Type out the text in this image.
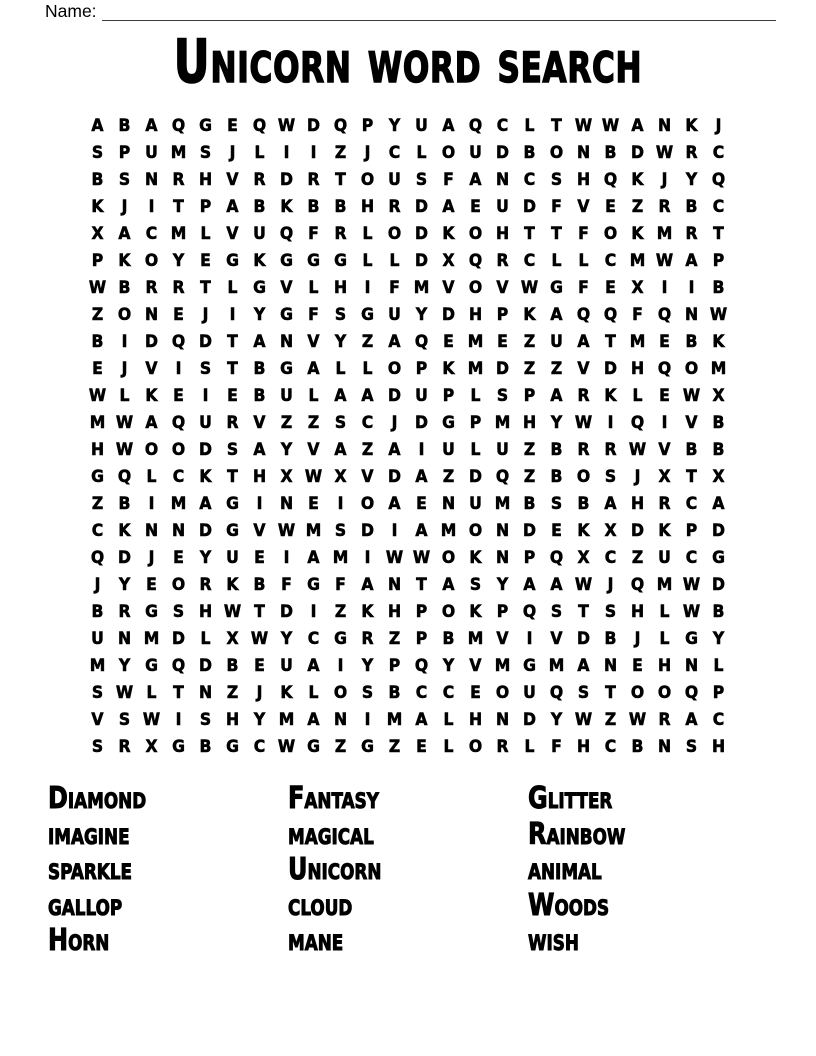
Name:
Unicorn word search
A B A Q G E Q W D Q P Y U A Q C L T W W A N K	J
S P U M S	J	L	I	I	Z	J	C L O U D B O N B D W R C
B S N R H V R D R T O U S F A N C S H Q K	J	Y Q
K	J	I	T P A B K B B H R D A E U D F V E Z R B C
X A C M L V U Q F R L O D K O H T T F O K M R T
P K O Y E G K G G G L	L D X Q R C L	L C M W A P
W B R R T L G V L H	I	F M V O V W G F E X	I	I	B
Z O N E	J	I	Y G F S G U Y D H P K A Q Q F Q N W
B	I	D Q D T A N V Y Z A Q E M E Z U A T M E B K
E	J	V	I	S T B G A L	L O P K M D Z Z V D H Q O M
W L K E	I	E B U L A A D U P L S P A R K L E W X
M W A Q U R V Z Z S C	J	D G P M H Y W I	Q	I	V B
H W O O D S A Y V A Z A	I	U L U Z B R R W V B B
G Q L C K T H X W X V D A Z D Q Z B O S	J	X T X
Z B	I M A G	I	N E	I	O A E N U M B S B A H R C A
C K N N D G V W M S D	I	A M O N D E K X D K P D
Q D	J	E Y U E	I	A M I W W O K N P Q X C Z U C G
J	Y E O R K B F G F A N T A S Y A A W J	Q M W D
B R G S H W T D	I	Z K H P O K P Q S T S H L W B
U N M D L X W Y C G R Z P B M V	I	V D B	J	L G Y
M Y G Q D B E U A	I	Y P Q Y V M G M A N E H N L
S W L T N Z	J	K L O S B C C E O U Q S T O O Q P
V S W I	S H Y M A N	I M A L H N D Y W Z W R A C
S R X G B G C W G Z G Z E L O R L F H C B N S H
Diamond
imagine
sparkle
gallop
Horn
Fantasy
magical
Unicorn
cloud
mane
Glitter
Rainbow
animal
Woods
wish
